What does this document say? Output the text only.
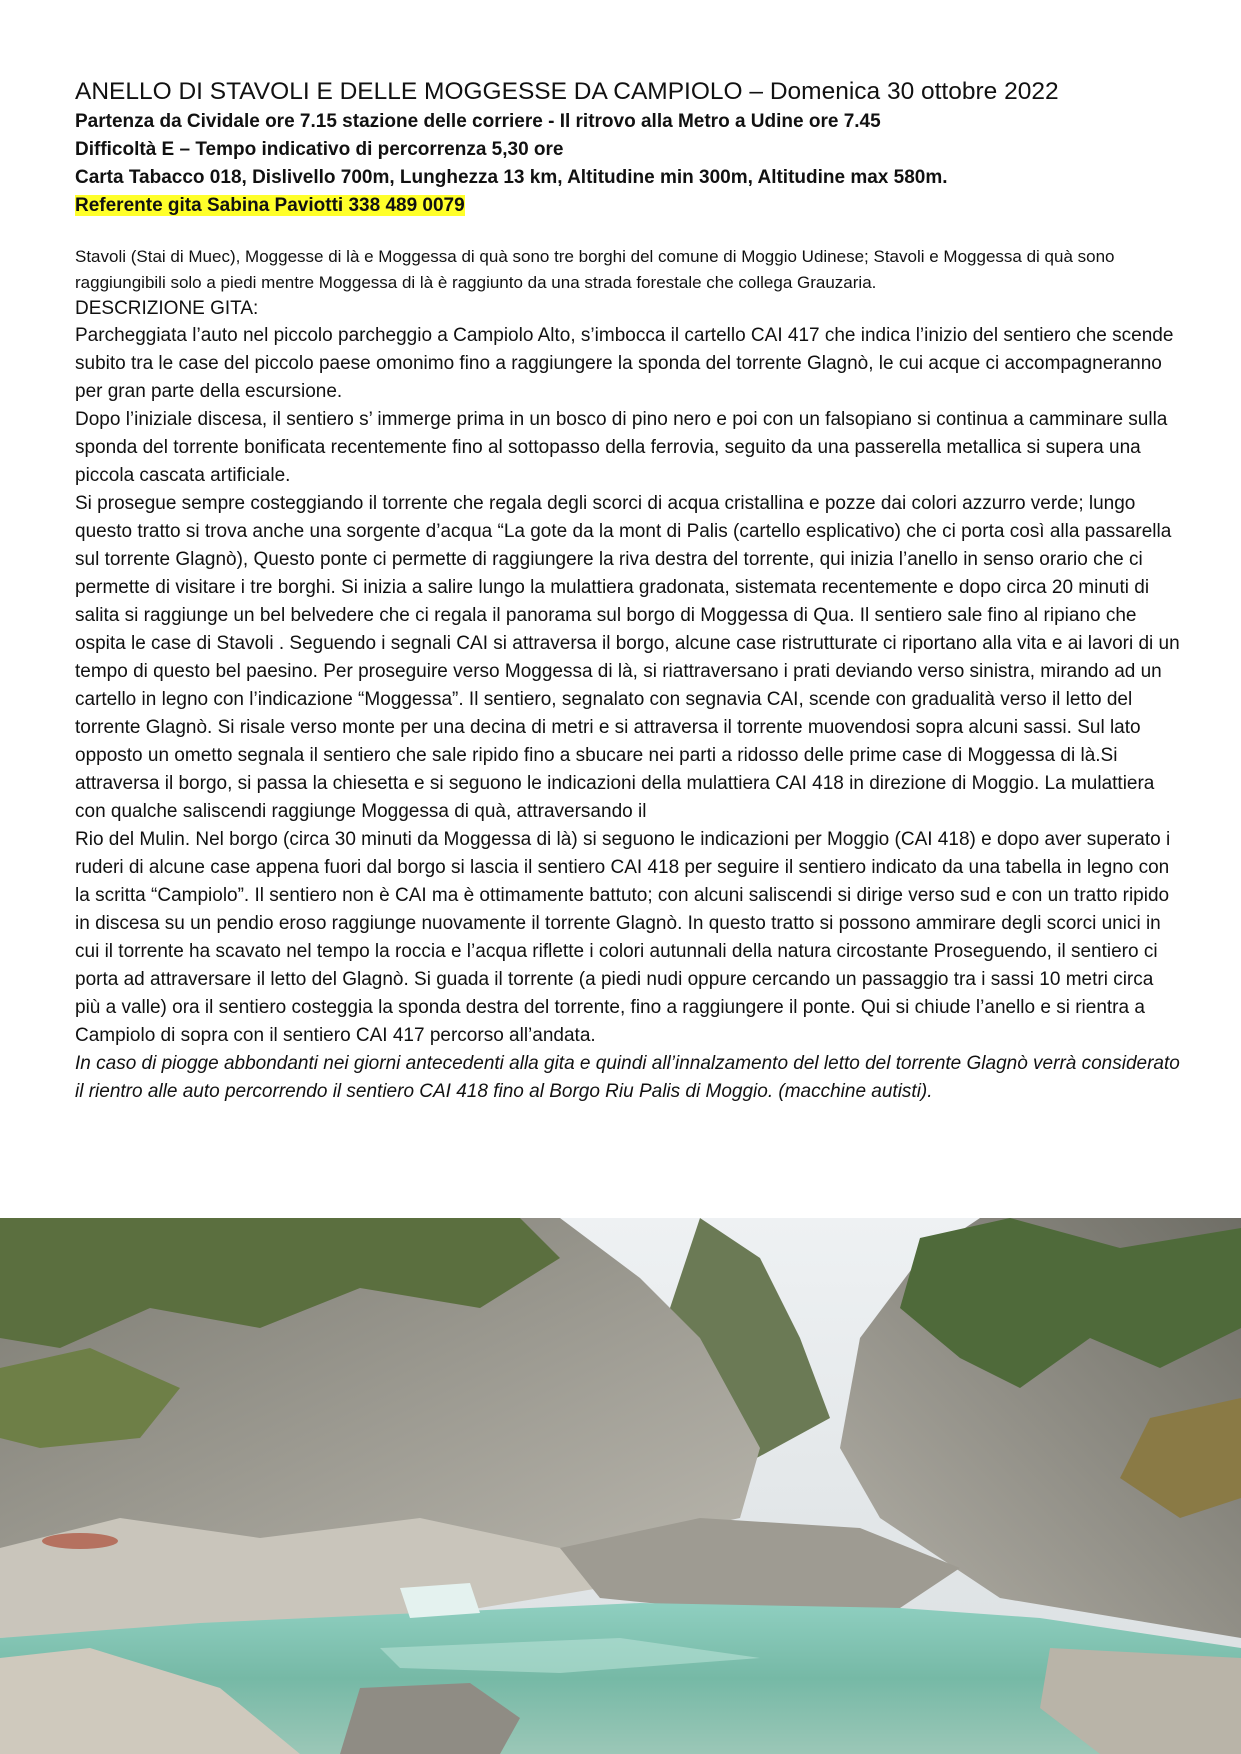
ANELLO DI STAVOLI E DELLE MOGGESSE DA CAMPIOLO – Domenica 30 ottobre 2022

Partenza da Cividale ore 7.15 stazione delle corriere - Il ritrovo alla Metro a Udine ore 7.45

Difficoltà E – Tempo indicativo di percorrenza 5,30 ore

Carta Tabacco 018, Dislivello 700m, Lunghezza 13 km, Altitudine min 300m, Altitudine max 580m.

Referente gita Sabina Paviotti 338 489 0079

Stavoli (Stai di Muec), Moggesse di là e Moggessa di quà sono tre borghi del comune di Moggio Udinese; Stavoli e Moggessa di quà sono raggiungibili solo a piedi mentre Moggessa di là è raggiunto da una strada forestale che collega Grauzaria.

DESCRIZIONE GITA:

Parcheggiata l’auto nel piccolo parcheggio a Campiolo Alto, s’imbocca il cartello CAI 417 che indica l’inizio del sentiero che scende subito tra le case del piccolo paese omonimo fino a raggiungere la sponda del torrente Glagnò, le cui acque ci accompagneranno per gran parte della escursione.

Dopo l’iniziale discesa, il sentiero s’ immerge prima in un bosco di pino nero e poi con un falsopiano si continua a camminare sulla sponda del torrente bonificata recentemente fino al sottopasso della ferrovia, seguito da una passerella metallica si supera una piccola cascata artificiale.

Si prosegue sempre costeggiando il torrente che regala degli scorci di acqua cristallina e pozze dai colori azzurro verde; lungo questo tratto si trova anche una sorgente d’acqua “La gote da la mont di Palis (cartello esplicativo) che ci porta così alla passarella sul torrente Glagnò), Questo ponte ci permette di raggiungere la riva destra del torrente, qui inizia l’anello in senso orario che ci permette di visitare i tre borghi. Si inizia a salire lungo la mulattiera gradonata, sistemata recentemente e dopo circa 20 minuti di salita si raggiunge un bel belvedere che ci regala il panorama sul borgo di Moggessa di Qua. Il sentiero sale fino al ripiano che ospita le case di Stavoli . Seguendo i segnali CAI si attraversa il borgo, alcune case ristrutturate ci riportano alla vita e ai lavori di un tempo di questo bel paesino. Per proseguire verso Moggessa di là, si riattraversano i prati deviando verso sinistra, mirando ad un cartello in legno con l’indicazione “Moggessa”. Il sentiero, segnalato con segnavia CAI, scende con gradualità verso il letto del torrente Glagnò. Si risale verso monte per una decina di metri e si attraversa il torrente muovendosi sopra alcuni sassi. Sul lato opposto un ometto segnala il sentiero che sale ripido fino a sbucare nei parti a ridosso delle prime case di Moggessa di là.Si attraversa il borgo, si passa la chiesetta e si seguono le indicazioni della mulattiera CAI 418 in direzione di Moggio. La mulattiera con qualche saliscendi raggiunge Moggessa di quà, attraversando il

Rio del Mulin. Nel borgo (circa 30 minuti da Moggessa di là) si seguono le indicazioni per Moggio (CAI 418) e dopo aver superato i ruderi di alcune case appena fuori dal borgo si lascia il sentiero CAI 418 per seguire il sentiero indicato da una tabella in legno con la scritta “Campiolo”. Il sentiero non è CAI ma è ottimamente battuto; con alcuni saliscendi si dirige verso sud e con un tratto ripido in discesa su un pendio eroso raggiunge nuovamente il torrente Glagnò. In questo tratto si possono ammirare degli scorci unici in cui il torrente ha scavato nel tempo la roccia e l’acqua riflette i colori autunnali della natura circostante Proseguendo, il sentiero ci porta ad attraversare il letto del Glagnò. Si guada il torrente (a piedi nudi oppure cercando un passaggio tra i sassi 10 metri circa più a valle) ora il sentiero costeggia la sponda destra del torrente, fino a raggiungere il ponte. Qui si chiude l’anello e si rientra a Campiolo di sopra con il sentiero CAI 417 percorso all’andata.

In caso di piogge abbondanti nei giorni antecedenti alla gita e quindi all’innalzamento del letto del torrente Glagnò verrà considerato il rientro alle auto percorrendo il sentiero CAI 418 fino al Borgo Riu Palis di Moggio. (macchine autisti).
